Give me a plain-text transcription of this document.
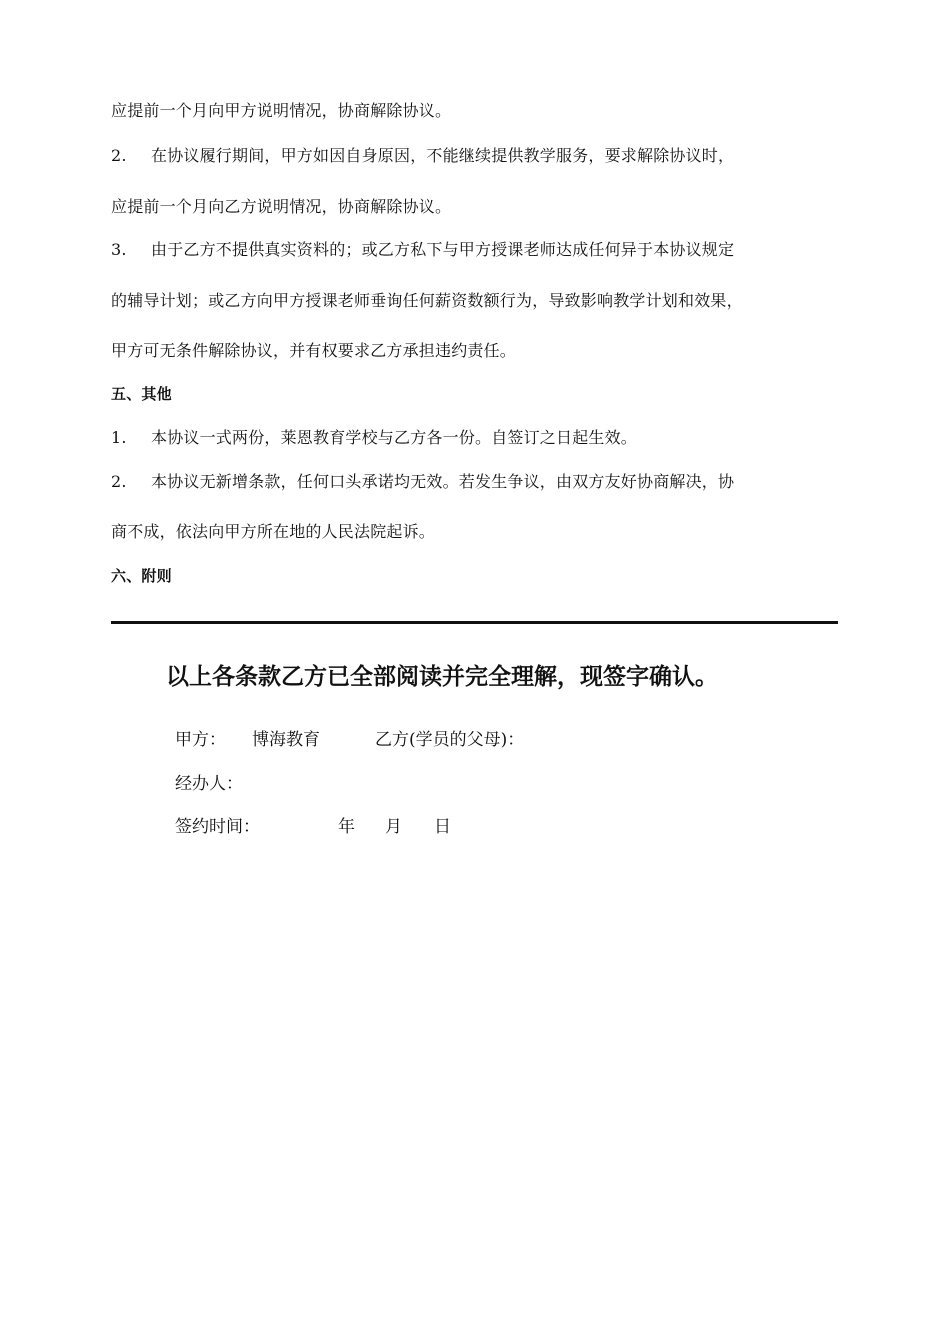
应提前一个月向甲方说明情况，协商解除协议。
2. 在协议履行期间，甲方如因自身原因，不能继续提供教学服务，要求解除协议时，
应提前一个月向乙方说明情况，协商解除协议。
3. 由于乙方不提供真实资料的；或乙方私下与甲方授课老师达成任何异于本协议规定
的辅导计划；或乙方向甲方授课老师垂询任何薪资数额行为，导致影响教学计划和效果，
甲方可无条件解除协议，并有权要求乙方承担违约责任。
五、其他
1. 本协议一式两份，莱恩教育学校与乙方各一份。自签订之日起生效。
2. 本协议无新增条款，任何口头承诺均无效。若发生争议，由双方友好协商解决，协
商不成，依法向甲方所在地的人民法院起诉。
六、附则
以上各条款乙方已全部阅读并完全理解，现签字确认。
甲方： 博海教育	乙方(学员的父母)：
经办人：
签约时间：	年 月 日
